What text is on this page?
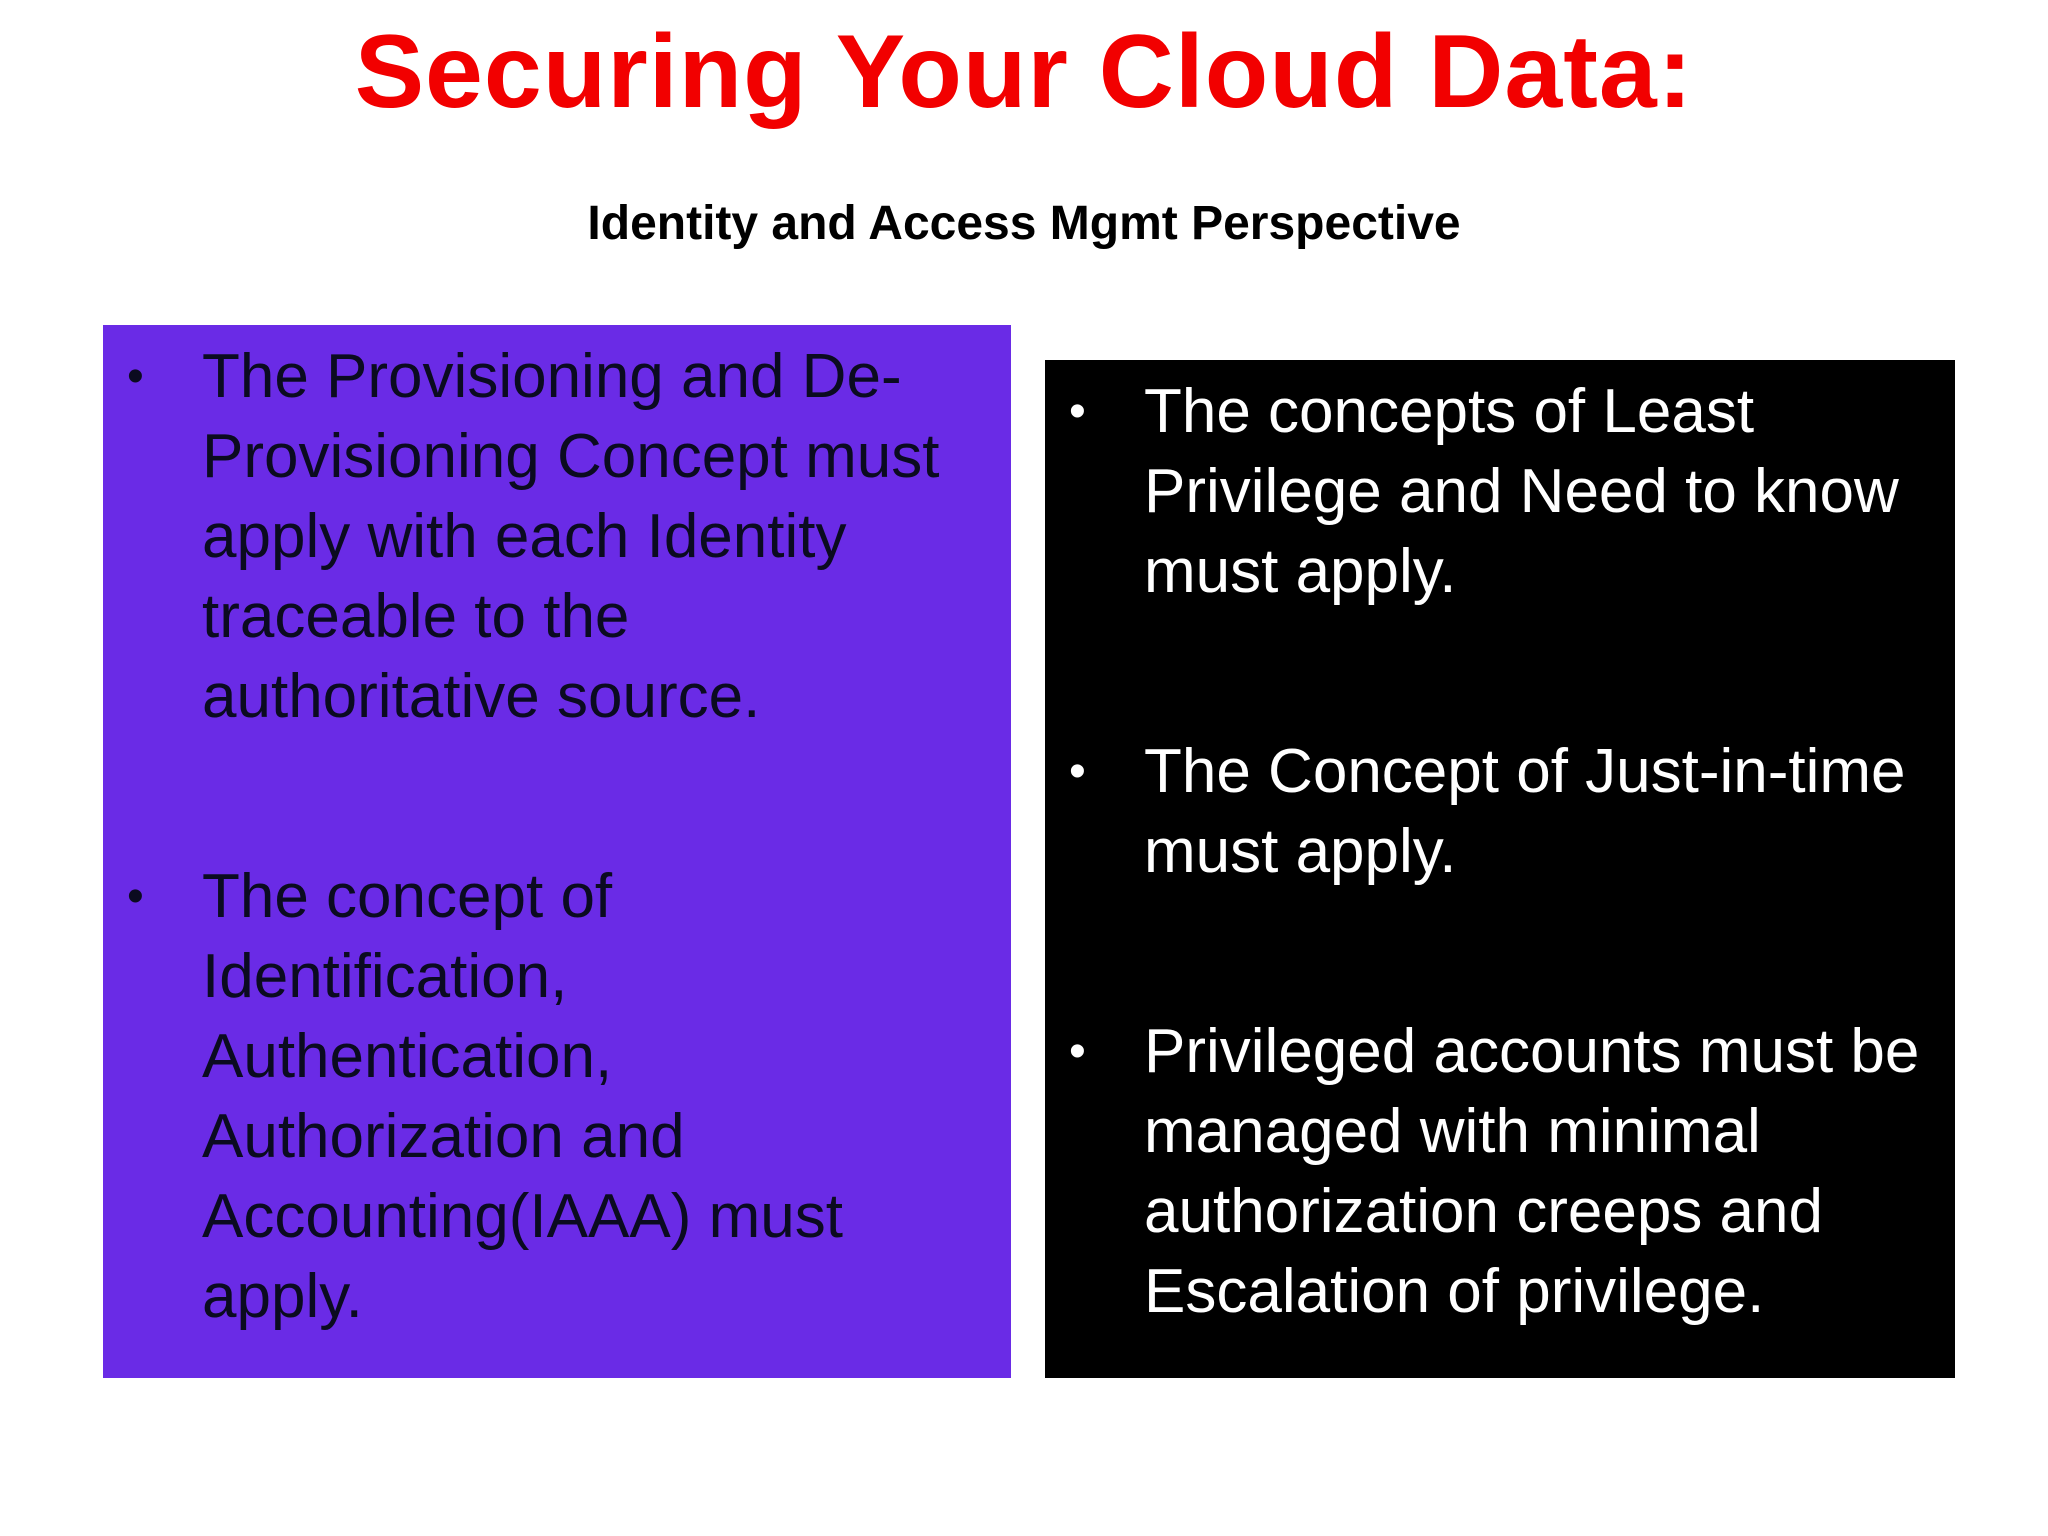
Securing Your Cloud Data:
Identity and Access Mgmt Perspective
• The Provisioning and De-Provisioning Concept must apply with each Identity traceable to the authoritative source.
• The concept of Identification, Authentication, Authorization and Accounting(IAAA) must apply.
• The concepts of Least Privilege and Need to know must apply.
• The Concept of Just-in-time must apply.
• Privileged accounts must be managed with minimal authorization creeps and Escalation of privilege.
